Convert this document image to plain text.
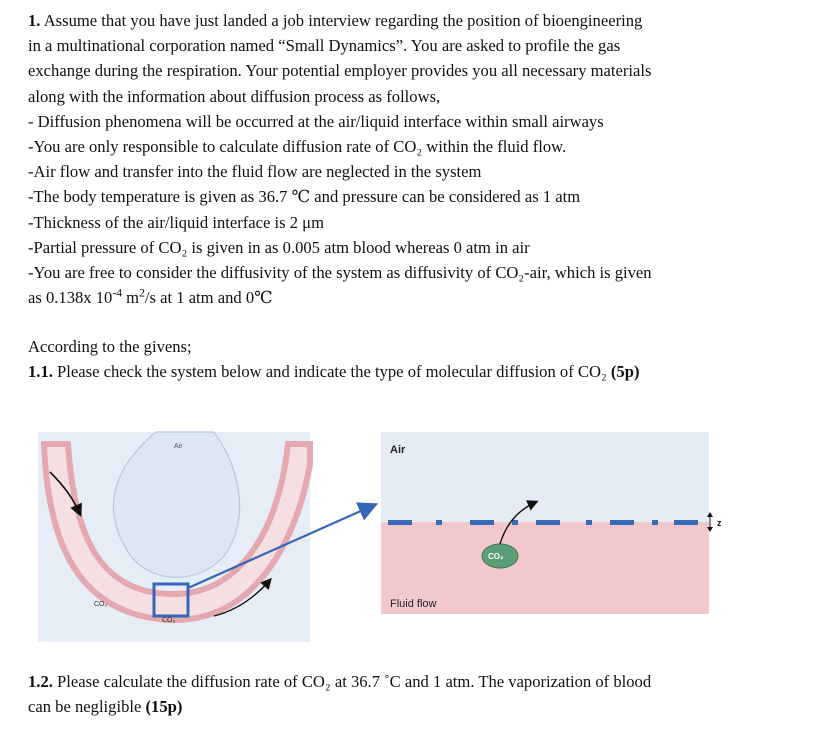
1. Assume that you have just landed a job interview regarding the position of bioengineering
in a multinational corporation named “Small Dynamics”. You are asked to profile the gas
exchange during the respiration. Your potential employer provides you all necessary materials
along with the information about diffusion process as follows,
- Diffusion phenomena will be occurred at the air/liquid interface within small airways
-You are only responsible to calculate diffusion rate of CO₂ within the fluid flow.
-Air flow and transfer into the fluid flow are neglected in the system
-The body temperature is given as 36.7 ℃ and pressure can be considered as 1 atm
-Thickness of the air/liquid interface is 2 μm
-Partial pressure of CO₂ is given in as 0.005 atm blood whereas 0 atm in air
-You are free to consider the diffusivity of the system as diffusivity of CO₂-air, which is given
as 0.138x $10^{-4}$ $m^2/s$ at 1 atm and 0℃
According to the givens;
1.1. Please check the system below and indicate the type of molecular diffusion of CO₂ (5p)
Air
CO₂
CO₂
Air
Fluid flow
CO₂
z
1.2. Please calculate the diffusion rate of CO₂ at 36.7 ˚C and 1 atm. The vaporization of blood
can be negligible (15p)
